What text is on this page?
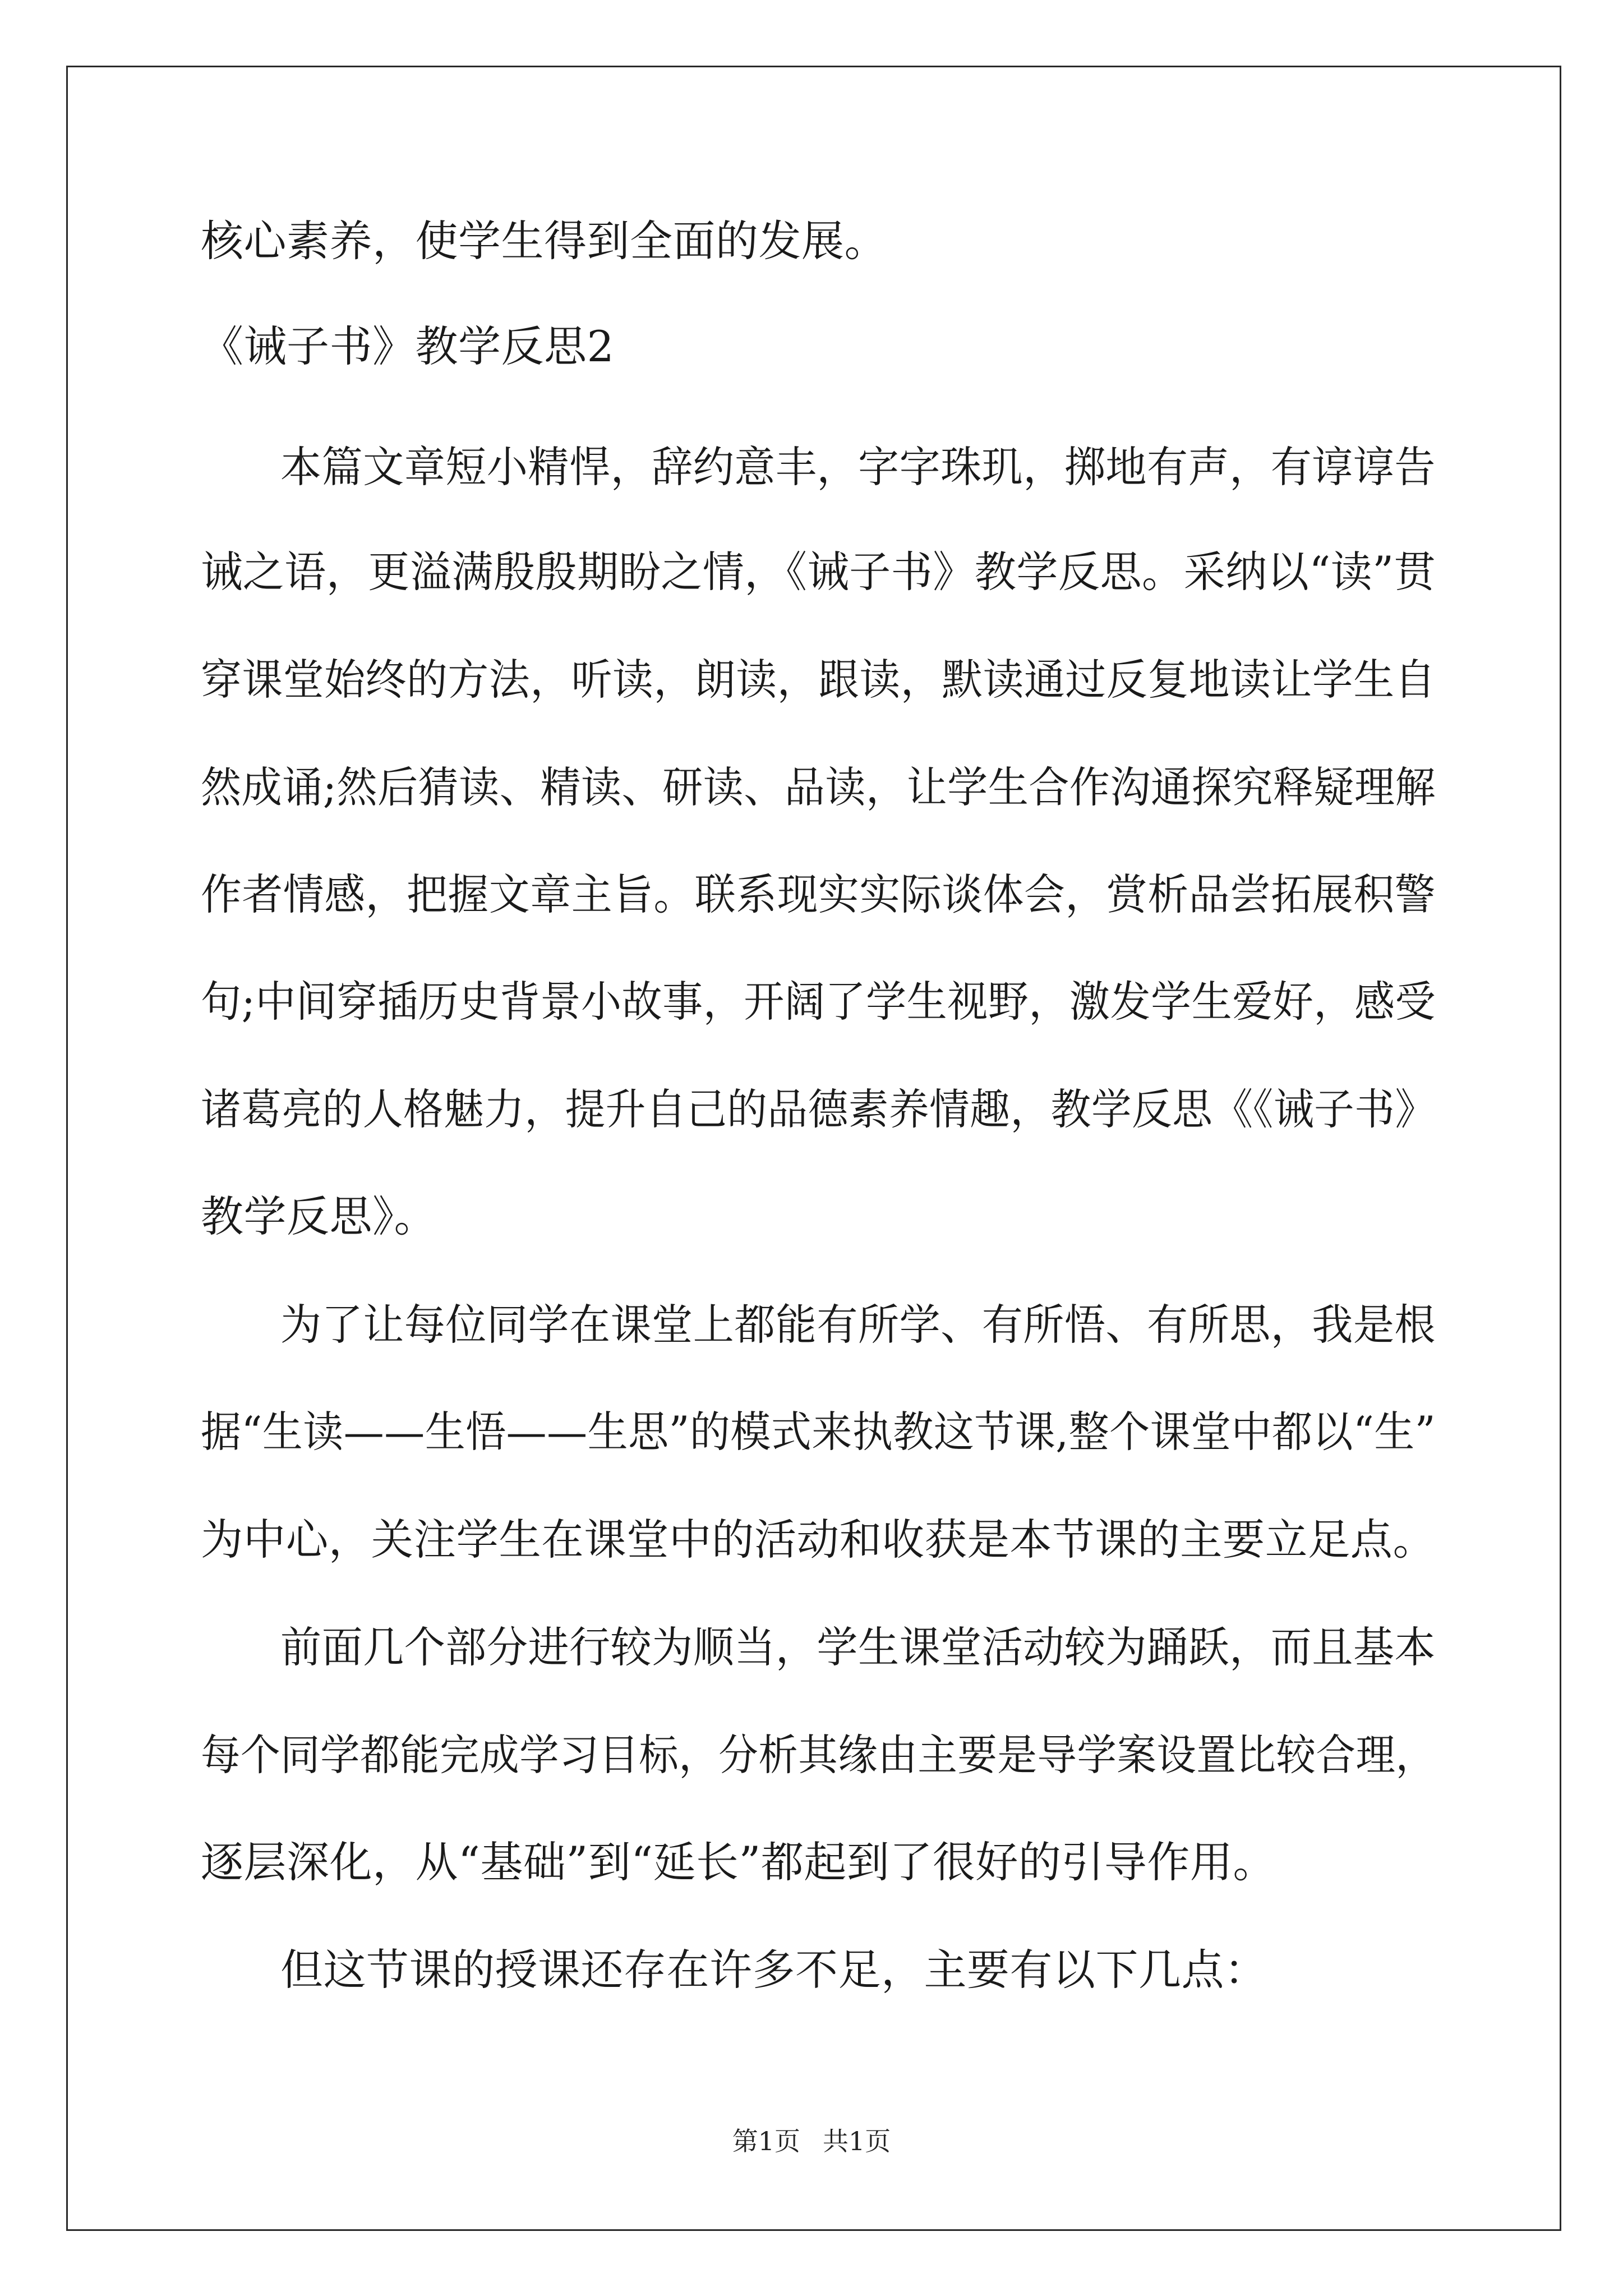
核心素养，使学生得到全面的发展。
《诫子书》教学反思2
本篇文章短小精悍，辞约意丰，字字珠玑，掷地有声，有谆谆告
诫之语，更溢满殷殷期盼之情，《诫子书》教学反思。采纳以“读”贯
穿课堂始终的方法，听读，朗读，跟读，默读通过反复地读让学生自
然成诵;然后猜读、精读、研读、品读，让学生合作沟通探究释疑理解
作者情感，把握文章主旨。联系现实实际谈体会，赏析品尝拓展积警
句;中间穿插历史背景小故事，开阔了学生视野，激发学生爱好，感受
诸葛亮的人格魅力，提升自己的品德素养情趣，教学反思《《诫子书》
教学反思》。
为了让每位同学在课堂上都能有所学、有所悟、有所思，我是根
据“生读——生悟——生思”的模式来执教这节课,整个课堂中都以“生”
为中心，关注学生在课堂中的活动和收获是本节课的主要立足点。
前面几个部分进行较为顺当，学生课堂活动较为踊跃，而且基本
每个同学都能完成学习目标，分析其缘由主要是导学案设置比较合理，
逐层深化，从“基础”到“延长”都起到了很好的引导作用。
但这节课的授课还存在许多不足，主要有以下几点：
第1页 共1页
